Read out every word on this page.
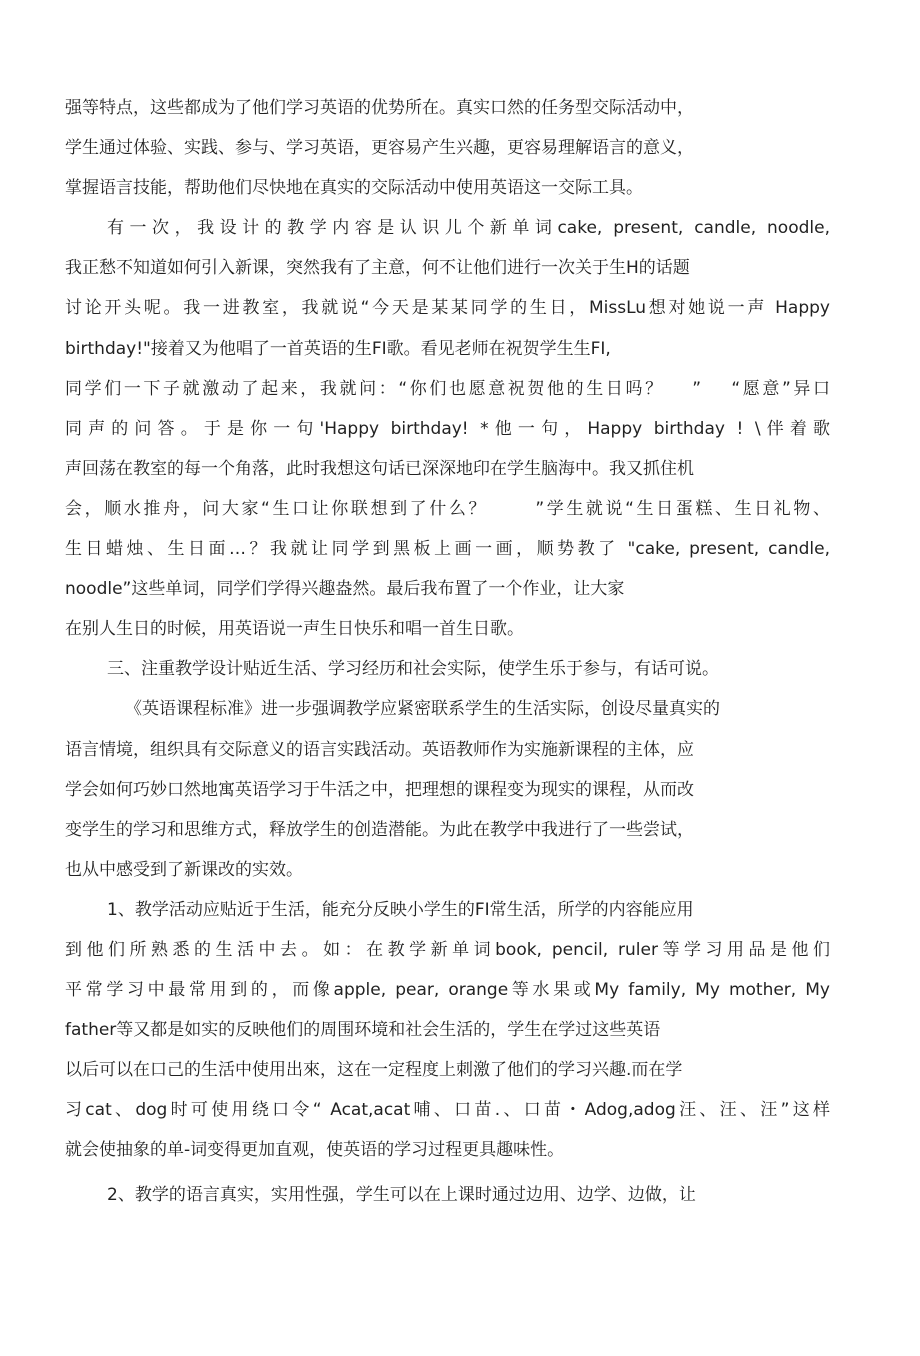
强等特点，这些都成为了他们学习英语的优势所在。真实口然的任务型交际活动中，
学生通过体验、实践、参与、学习英语，更容易产生兴趣，更容易理解语言的意义，
掌握语言技能，帮助他们尽快地在真实的交际活动中使用英语这一交际工具。
有一次，我设计的教学内容是认识儿个新单词cake, present, candle, noodle,
我正愁不知道如何引入新课，突然我有了主意，何不让他们进行一次关于生H的话题
讨论开头呢。我一进教室，我就说“今天是某某同学的生日，MissLu想对她说一声 Happy
birthday!"接着又为他唱了一首英语的生FI歌。看见老师在祝贺学生生FI,
同学们一下子就激动了起来，我就问：“你们也愿意祝贺他的生日吗？　 ”　 “愿意”异口
同声的问答。于是你一句'Happy birthday! *他一句，Happy birthday ! \伴着歌
声回荡在教室的每一个角落，此时我想这句话已深深地印在学生脑海中。我又抓住机
会，顺水推舟，问大家“生口让你联想到了什么？　　 ”学生就说“生日蛋糕、生日礼物、
生日蜡烛、生日面…？我就让同学到黑板上画一画，顺势教了 "cake, present, candle,
noodle”这些单词，同学们学得兴趣盎然。最后我布置了一个作业，让大家
在别人生日的时候，用英语说一声生日快乐和唱一首生日歌。
三、注重教学设计贴近生活、学习经历和社会实际，使学生乐于参与，有话可说。
《英语课程标准》进一步强调教学应紧密联系学生的生活实际，创设尽量真实的
语言情境，组织具有交际意义的语言实践活动。英语教师作为实施新课程的主体，应
学会如何巧妙口然地寓英语学习于牛活之中，把理想的课程变为现实的课程，从而改
变学生的学习和思维方式，释放学生的创造潜能。为此在教学中我进行了一些尝试，
也从中感受到了新课改的实效。
1、教学活动应贴近于生活，能充分反映小学生的FI常生活，所学的内容能应用
到他们所熟悉的生活中去。如：在教学新单词book, pencil, ruler等学习用品是他们
平常学习中最常用到的，而像apple, pear, orange等水果或My family, My mother, My
father等又都是如实的反映他们的周围环境和社会生活的，学生在学过这些英语
以后可以在口己的生活中使用出來，这在一定程度上刺激了他们的学习兴趣.而在学
习cat、dog时可使用绕口令“ Acat,acat哺、口苗.、口苗・Adog,adog汪、汪、汪”这样
就会使抽象的单-词变得更加直观，使英语的学习过程更具趣味性。
2、教学的语言真实，实用性强，学生可以在上课时通过边用、边学、边做，让
